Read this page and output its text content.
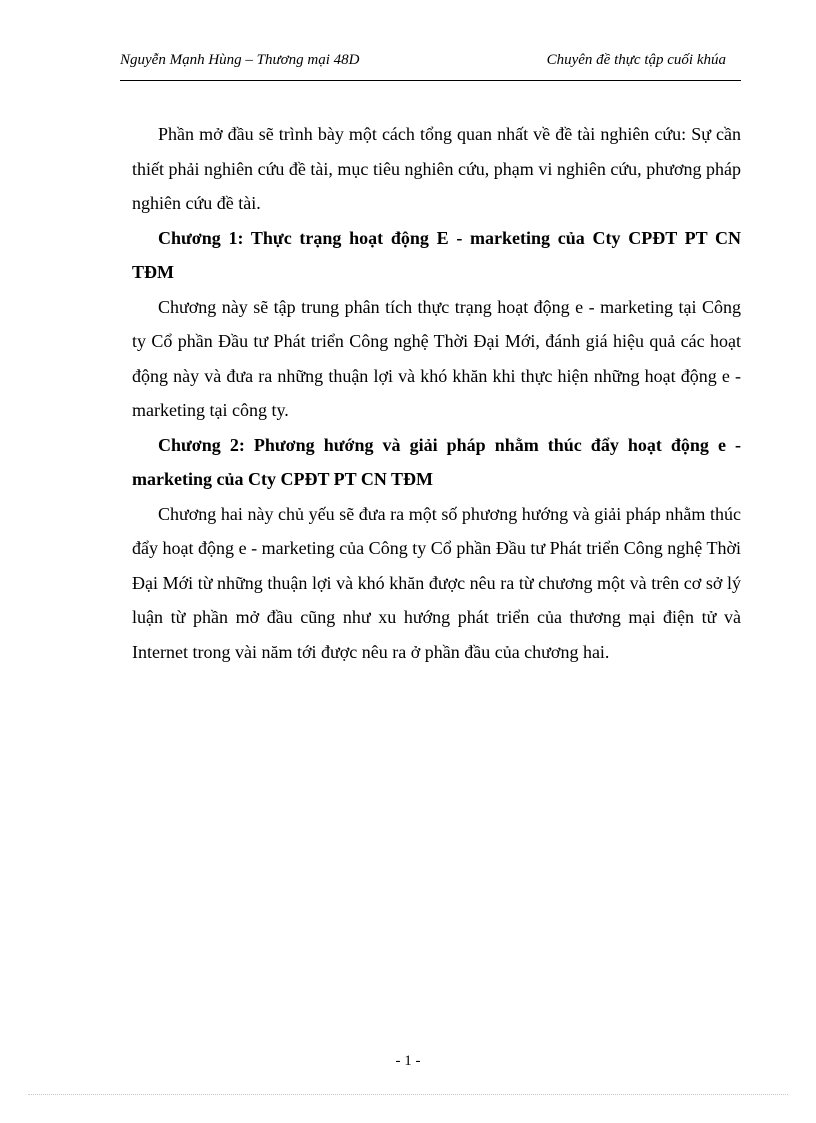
Nguyễn Mạnh Hùng – Thương mại 48D	Chuyên đề thực tập cuối khúa

Phần mở đầu sẽ trình bày một cách tổng quan nhất về đề tài nghiên cứu: Sự cần thiết phải nghiên cứu đề tài, mục tiêu nghiên cứu, phạm vi nghiên cứu, phương pháp nghiên cứu đề tài.

Chương 1: Thực trạng hoạt động E - marketing của Cty CPĐT PT CN TĐM

Chương này sẽ tập trung phân tích thực trạng hoạt động e - marketing tại Công ty Cổ phần Đầu tư Phát triển Công nghệ Thời Đại Mới, đánh giá hiệu quả các hoạt động này và đưa ra những thuận lợi và khó khăn khi thực hiện những hoạt động e - marketing tại công ty.

Chương 2: Phương hướng và giải pháp nhằm thúc đẩy hoạt động e - marketing của Cty CPĐT PT CN TĐM

Chương hai này chủ yếu sẽ đưa ra một số phương hướng và giải pháp nhằm thúc đẩy hoạt động e - marketing của Công ty Cổ phần Đầu tư Phát triển Công nghệ Thời Đại Mới từ những thuận lợi và khó khăn được nêu ra từ chương một và trên cơ sở lý luận từ phần mở đầu cũng như xu hướng phát triển của thương mại điện tử và Internet trong vài năm tới được nêu ra ở phần đầu của chương hai.

- 1 -
